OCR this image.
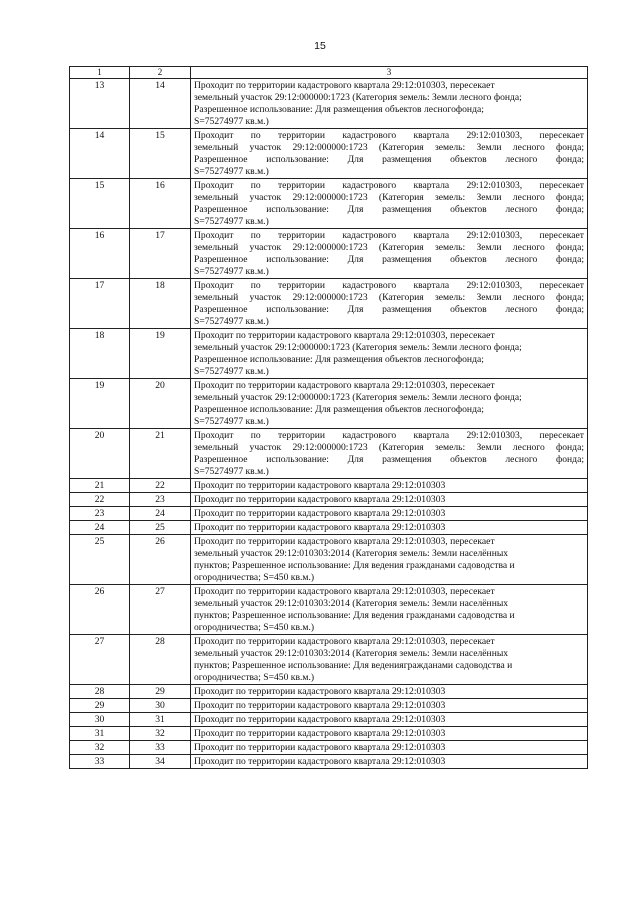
15
1	2	3
13	14	Проходит по территории кадастрового квартала 29:12:010303, пересекает
земельный участок 29:12:000000:1723 (Категория земель: Земли лесного фонда;
Разрешенное использование: Для размещения объектов лесногофонда;
S=75274977 кв.м.)

14	15	Проходит по территории кадастрового квартала 29:12:010303, пересекает
земельный участок 29:12:000000:1723 (Категория земель: Земли лесного фонда;
Разрешенное использование: Для размещения объектов лесного фонда;
S=75274977 кв.м.)

15	16	Проходит по территории кадастрового квартала 29:12:010303, пересекает
земельный участок 29:12:000000:1723 (Категория земель: Земли лесного фонда;
Разрешенное использование: Для размещения объектов лесного фонда;
S=75274977 кв.м.)

16	17	Проходит по территории кадастрового квартала 29:12:010303, пересекает
земельный участок 29:12:000000:1723 (Категория земель: Земли лесного фонда;
Разрешенное использование: Для размещения объектов лесного фонда;
S=75274977 кв.м.)

17	18	Проходит по территории кадастрового квартала 29:12:010303, пересекает
земельный участок 29:12:000000:1723 (Категория земель: Земли лесного фонда;
Разрешенное использование: Для размещения объектов лесного фонда;
S=75274977 кв.м.)

18	19	Проходит по территории кадастрового квартала 29:12:010303, пересекает
земельный участок 29:12:000000:1723 (Категория земель: Земли лесного фонда;
Разрешенное использование: Для размещения объектов лесногофонда;
S=75274977 кв.м.)

19	20	Проходит по территории кадастрового квартала 29:12:010303, пересекает
земельный участок 29:12:000000:1723 (Категория земель: Земли лесного фонда;
Разрешенное использование: Для размещения объектов лесногофонда;
S=75274977 кв.м.)

20	21	Проходит по территории кадастрового квартала 29:12:010303, пересекает
земельный участок 29:12:000000:1723 (Категория земель: Земли лесного фонда;
Разрешенное использование: Для размещения объектов лесного фонда;
S=75274977 кв.м.)

21	22	Проходит по территории кадастрового квартала 29:12:010303

22	23	Проходит по территории кадастрового квартала 29:12:010303

23	24	Проходит по территории кадастрового квартала 29:12:010303

24	25	Проходит по территории кадастрового квартала 29:12:010303

25	26	Проходит по территории кадастрового квартала 29:12:010303, пересекает
земельный участок 29:12:010303:2014 (Категория земель: Земли населённых
пунктов; Разрешенное использование: Для ведения гражданами садоводства и
огородничества; S=450 кв.м.)

26	27	Проходит по территории кадастрового квартала 29:12:010303, пересекает
земельный участок 29:12:010303:2014 (Категория земель: Земли населённых
пунктов; Разрешенное использование: Для ведения гражданами садоводства и
огородничества; S=450 кв.м.)

27	28	Проходит по территории кадастрового квартала 29:12:010303, пересекает
земельный участок 29:12:010303:2014 (Категория земель: Земли населённых
пунктов; Разрешенное использование: Для ведениягражданами садоводства и
огородничества; S=450 кв.м.)

28	29	Проходит по территории кадастрового квартала 29:12:010303

29	30	Проходит по территории кадастрового квартала 29:12:010303

30	31	Проходит по территории кадастрового квартала 29:12:010303

31	32	Проходит по территории кадастрового квартала 29:12:010303

32	33	Проходит по территории кадастрового квартала 29:12:010303

33	34	Проходит по территории кадастрового квартала 29:12:010303
